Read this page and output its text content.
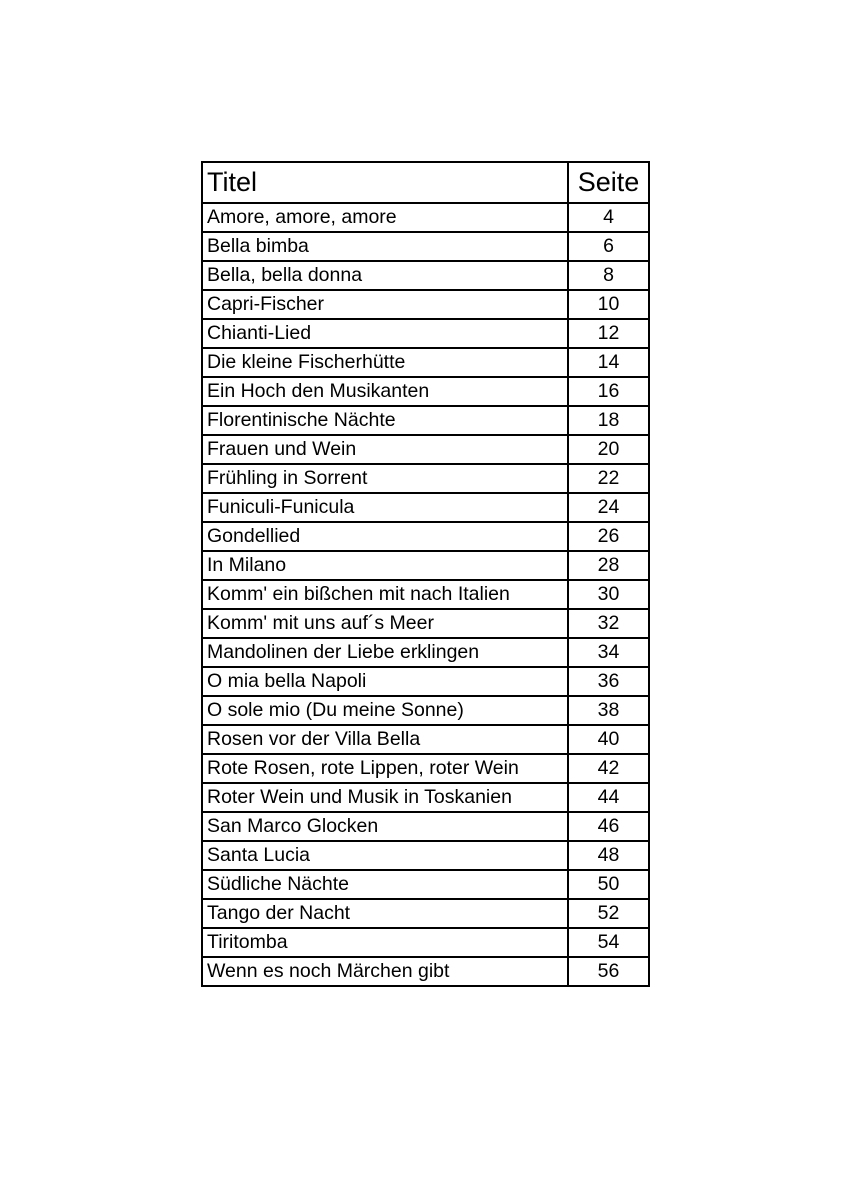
Titel	Seite
Amore, amore, amore	4
Bella bimba	6
Bella, bella donna	8
Capri-Fischer	10
Chianti-Lied	12
Die kleine Fischerhütte	14
Ein Hoch den Musikanten	16
Florentinische Nächte	18
Frauen und Wein	20
Frühling in Sorrent	22
Funiculi-Funicula	24
Gondellied	26
In Milano	28
Komm' ein bißchen mit nach Italien	30
Komm' mit uns auf´s Meer	32
Mandolinen der Liebe erklingen	34
O mia bella Napoli	36
O sole mio (Du meine Sonne)	38
Rosen vor der Villa Bella	40
Rote Rosen, rote Lippen, roter Wein	42
Roter Wein und Musik in Toskanien	44
San Marco Glocken	46
Santa Lucia	48
Südliche Nächte	50
Tango der Nacht	52
Tiritomba	54
Wenn es noch Märchen gibt	56
